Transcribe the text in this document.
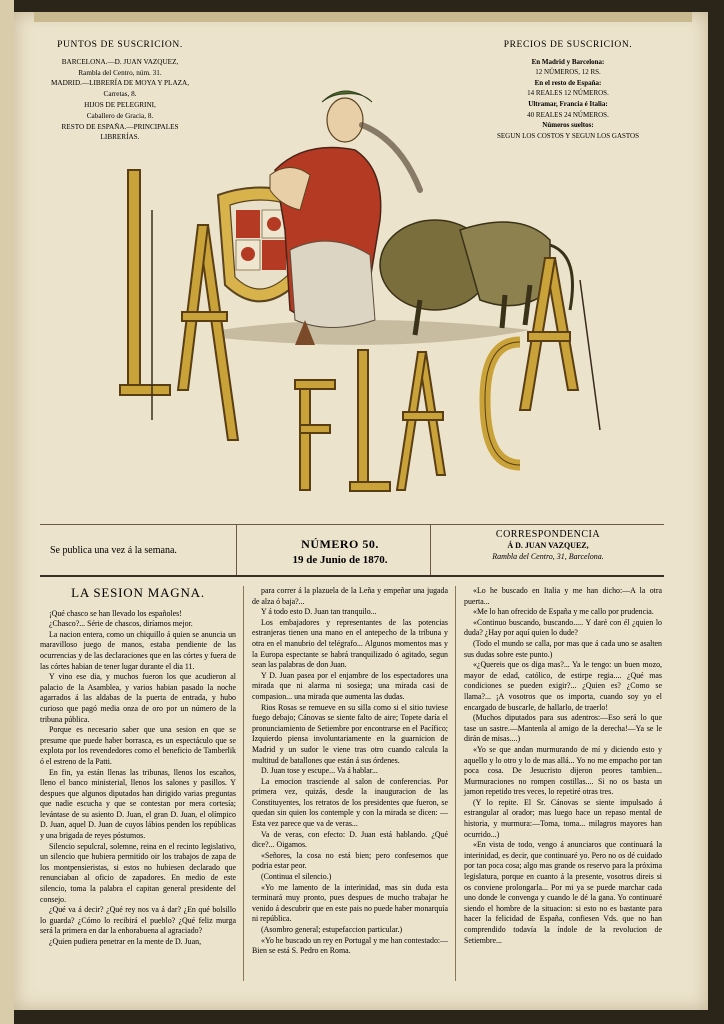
PUNTOS DE SUSCRICION.
BARCELONA.—D. JUAN VAZQUEZ,
Rambla del Centro, núm. 31.
MADRID.—LIBRERÍA DE MOYA Y PLAZA,
Carretas, 8.
HIJOS DE PELEGRINI,
Caballero de Gracia, 8.
RESTO DE ESPAÑA.—PRINCIPALES
LIBRERÍAS.
PRECIOS DE SUSCRICION.
En Madrid y Barcelona:
12 NÚMEROS, 12 RS.
En el resto de España:
14 REALES 12 NÚMEROS.
Ultramar, Francia é Italia:
40 REALES 24 NÚMEROS.
Números sueltos:
SEGUN LOS COSTOS Y SEGUN LOS GASTOS
Se publica una vez á la semana.	NÚMERO 50.
19 de Junio de 1870.
CORRESPONDENCIA
Á D. JUAN VAZQUEZ,
Rambla del Centro, 31, Barcelona.
LA SESION MAGNA.

¡Qué chasco se han llevado los españoles!

¿Chasco?... Série de chascos, diríamos mejor.

La nacion entera, como un chiquillo á quien se anuncia un maravilloso juego de manos, estaba pendiente de las ocurrencias y de las declaraciones que en las córtes y fuera de las córtes habian de tener lugar durante el dia 11.

Y vino ese dia, y muchos fueron los que acudieron al palacio de la Asamblea, y varios habian pasado la noche agarrados á las aldabas de la puerta de entrada, y hubo curioso que pagó media onza de oro por un número de la tribuna pública.

Porque es necesario saber que una sesion en que se presume que puede haber borrasca, es un espectáculo que se explota por los revendedores como el beneficio de Tamberlik ó el estreno de la Patti.

En fin, ya están llenas las tribunas, llenos los escaños, lleno el banco ministerial, llenos los salones y pasillos. Y despues que algunos diputados han dirigido varias preguntas que nadie escucha y que se contestan por mera cortesía; levántase de su asiento D. Juan, el gran D. Juan, el olímpico D. Juan, aquel D. Juan de cuyos lábios penden los repúblicas y una brigada de reyes póstumos.

Silencio sepulcral, solemne, reina en el recinto legislativo, un silencio que hubiera permitido oir los trabajos de zapa de los montpensieristas, si estos no hubiesen declarado que renunciaban al oficio de zapadores. En medio de este silencio, toma la palabra el capitan general presidente del consejo.

¿Qué va á decir? ¿Qué rey nos va á dar? ¿En qué bolsillo lo guarda? ¿Cómo lo recibirá el pueblo? ¿Qué feliz murga será la primera en dar la enhorabuena al agraciado?

¿Quien pudiera penetrar en la mente de D. Juan,

para correr á la plazuela de la Leña y empeñar una jugada de alza ó baja?...

Y á todo esto D. Juan tan tranquilo...

Los embajadores y representantes de las potencias estranjeras tienen una mano en el antepecho de la tribuna y otra en el manubrio del telégrafo... Algunos momentos mas y la Europa espectante se habrá tranquilizado ó agitado, segun sean las palabras de don Juan.

Y D. Juan pasea por el enjambre de los espectadores una mirada que ni alarma ni sosiega; una mirada casi de compasion... una mirada que aumenta las dudas.

Rios Rosas se remueve en su silla como si el sitio tuviese fuego debajo; Cánovas se siente falto de aire; Topete daría el pronunciamiento de Setiembre por encontrarse en el Pacífico; Izquierdo piensa involuntariamente en la guarnicion de Madrid y un sudor le viene tras otro cuando calcula la multitud de batallones que están á sus órdenes.

D. Juan tose y escupe... Va á hablar...

La emocion trasciende al salon de conferencias. Por primera vez, quizás, desde la inauguracion de las Constituyentes, los retratos de los presidentes que fueron, se quedan sin quien los contemple y con la mirada se dicen: —Esta vez parece que va de veras...

Va de veras, con efecto: D. Juan está hablando. ¿Qué dice?... Oigamos.

«Señores, la cosa no está bien; pero confesemos que podria estar peor.

(Continua el silencio.)

«Yo me lamento de la interinidad, mas sin duda esta terminará muy pronto, pues despues de mucho trabajar he venido á descubrir que en este pais no puede haber monarquía ni república.

(Asombro general; estupefaccion particular.)

«Yo he buscado un rey en Portugal y me han contestado:—Bien se está S. Pedro en Roma.

«Lo he buscado en Italia y me han dicho:—A la otra puerta...

«Me lo han ofrecido de España y me callo por prudencia.

«Continuo buscando, buscando..... Y daré con él ¿quien lo duda? ¿Hay por aquí quien lo dude?

(Todo el mundo se calla, por mas que á cada uno se asalten sus dudas sobre este punto.)

«¿Quereis que os diga mas?... Ya le tengo: un buen mozo, mayor de edad, católico, de estirpe regia.... ¿Qué mas condiciones se pueden exigir?... ¿Quien es? ¿Como se llama?... ¡A vosotros que os importa, cuando soy yo el encargado de buscarle, de hallarlo, de traerlo!

(Muchos diputados para sus adentros:—Eso será lo que tase un sastre.—Mantenla al amigo de la derecha!—Ya se le dirán de misas....)

«Yo se que andan murmurando de mí y diciendo esto y aquello y lo otro y lo de mas allá... Yo no me empacho por tan poca cosa. De Jesucristo dijeron peores tambien... Murmuraciones no rompen costillas.... Si no os basta un jamon repetido tres veces, lo repetiré otras tres.

(Y lo repite. El Sr. Cánovas se siente impulsado á estrangular al orador; mas luego hace un repaso mental de historia, y murmura:—Toma, toma... milagros mayores han ocurrido...)

«En vista de todo, vengo á anunciaros que continuará la interinidad, es decir, que continuaré yo. Pero no os dé cuidado por tan poca cosa; algo mas grande os reservo para la próxima legislatura, porque en cuanto á la presente, vosotros direis si os conviene prolongarla... Por mi ya se puede marchar cada uno donde le convenga y cuando le dé la gana. Yo continuaré siendo el hombre de la situacion: si esto no es bastante para hacer la felicidad de España, confiesen Vds. que no han comprendido todavía la índole de la revolucion de Setiembre...
